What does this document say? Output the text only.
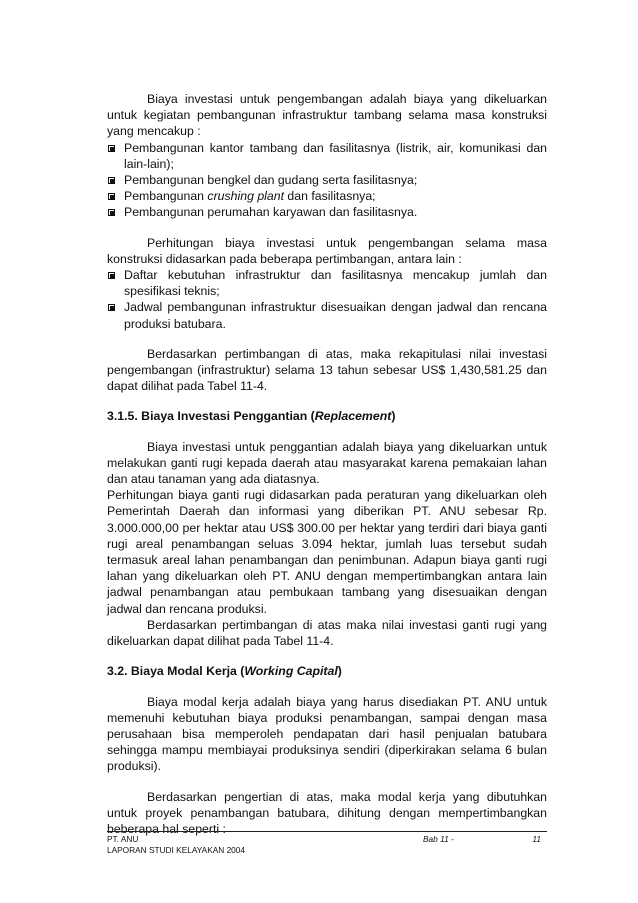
Biaya investasi untuk pengembangan adalah biaya yang dikeluarkan untuk kegiatan pembangunan infrastruktur tambang selama masa konstruksi yang mencakup :

Pembangunan kantor tambang dan fasilitasnya (listrik, air, komunikasi dan lain-lain);
Pembangunan bengkel dan gudang serta fasilitasnya;
Pembangunan crushing plant dan fasilitasnya;
Pembangunan perumahan karyawan dan fasilitasnya.

Perhitungan biaya investasi untuk pengembangan selama masa konstruksi didasarkan pada beberapa pertimbangan, antara lain :

Daftar kebutuhan infrastruktur dan fasilitasnya mencakup jumlah dan spesifikasi teknis;
Jadwal pembangunan infrastruktur disesuaikan dengan jadwal dan rencana produksi batubara.

Berdasarkan pertimbangan di atas, maka rekapitulasi nilai investasi pengembangan (infrastruktur) selama 13 tahun sebesar US$ 1,430,581.25 dan dapat dilihat pada Tabel 11-4.

3.1.5. Biaya Investasi Penggantian (Replacement)

Biaya investasi untuk penggantian adalah biaya yang dikeluarkan untuk melakukan ganti rugi kepada daerah atau masyarakat karena pemakaian lahan dan atau tanaman yang ada diatasnya.

Perhitungan biaya ganti rugi didasarkan pada peraturan yang dikeluarkan oleh Pemerintah Daerah dan informasi yang diberikan PT. ANU sebesar Rp. 3.000.000,00 per hektar atau US$ 300.00 per hektar yang terdiri dari biaya ganti rugi areal penambangan seluas 3.094 hektar, jumlah luas tersebut sudah termasuk areal lahan penambangan dan penimbunan. Adapun biaya ganti rugi lahan yang dikeluarkan oleh PT. ANU dengan mempertimbangkan antara lain jadwal penambangan atau pembukaan tambang yang disesuaikan dengan jadwal dan rencana produksi.

Berdasarkan pertimbangan di atas maka nilai investasi ganti rugi yang dikeluarkan dapat dilihat pada Tabel 11-4.

3.2. Biaya Modal Kerja (Working Capital)

Biaya modal kerja adalah biaya yang harus disediakan PT. ANU untuk memenuhi kebutuhan biaya produksi penambangan, sampai dengan masa perusahaan bisa memperoleh pendapatan dari hasil penjualan batubara sehingga mampu membiayai produksinya sendiri (diperkirakan selama 6 bulan produksi).

Berdasarkan pengertian di atas, maka modal kerja yang dibutuhkan untuk proyek penambangan batubara, dihitung dengan mempertimbangkan beberapa hal seperti :

PT. ANU	Bab 11 -	11
LAPORAN STUDI KELAYAKAN 2004
